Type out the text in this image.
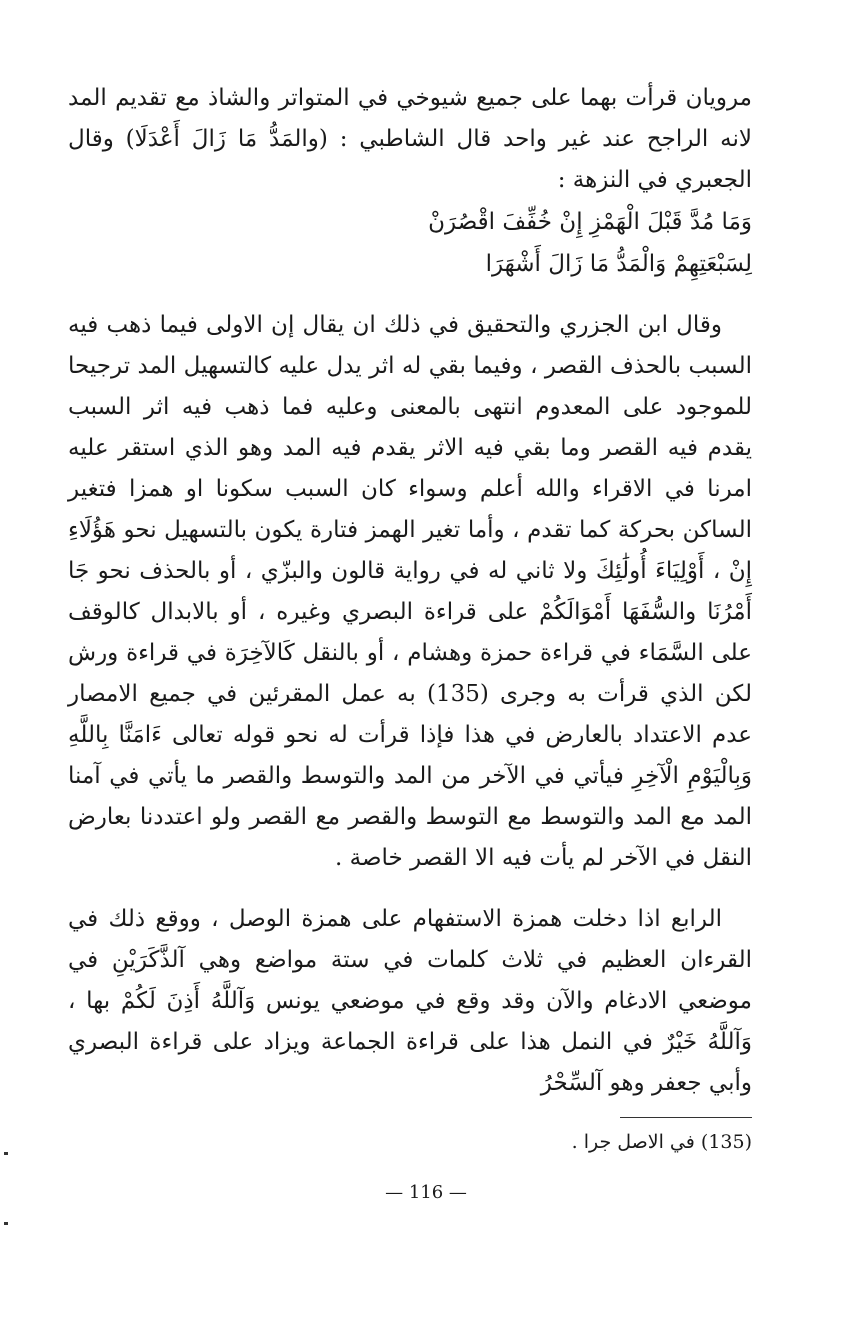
مرويان قرأت بهما على جميع شيوخي في المتواتر والشاذ مع تقديم المد لانه الراجح عند غير واحد قال الشاطبي : (والمَدُّ مَا زَالَ أَعْدَلَا) وقال الجعبري في النزهة :

وَمَا مُدَّ قَبْلَ الْهَمْزِ إِنْ خُفِّفَ اقْصُرَنْ
لِسَبْعَتِهِمْ وَالْمَدُّ مَا زَالَ أَشْهَرَا

وقال ابن الجزري والتحقيق في ذلك ان يقال إن الاولى فيما ذهب فيه السبب بالحذف القصر ، وفيما بقي له اثر يدل عليه كالتسهيل المد ترجيحا للموجود على المعدوم انتهى بالمعنى وعليه فما ذهب فيه اثر السبب يقدم فيه القصر وما بقي فيه الاثر يقدم فيه المد وهو الذي استقر عليه امرنا في الاقراء والله أعلم وسواء كان السبب سكونا او همزا فتغير الساكن بحركة كما تقدم ، وأما تغير الهمز فتارة يكون بالتسهيل نحو هَؤُلَاءِ إِنْ ، أَوْلِيَاءَ أُولَٰئِكَ ولا ثاني له في رواية قالون والبزّي ، أو بالحذف نحو جَا أَمْرُنَا والسُّفَهَا أَمْوَالَكُمْ على قراءة البصري وغيره ، أو بالابدال كالوقف على السَّمَاء في قراءة حمزة وهشام ، أو بالنقل كَالآخِرَة في قراءة ورش لكن الذي قرأت به وجرى (135) به عمل المقرئين في جميع الامصار عدم الاعتداد بالعارض في هذا فإذا قرأت له نحو قوله تعالى ءَامَنَّا بِاللَّهِ وَبِالْيَوْمِ الْآخِرِ فيأتي في الآخر من المد والتوسط والقصر ما يأتي في آمنا المد مع المد والتوسط مع التوسط والقصر مع القصر ولو اعتددنا بعارض النقل في الآخر لم يأت فيه الا القصر خاصة .

الرابع اذا دخلت همزة الاستفهام على همزة الوصل ، ووقع ذلك في القرءان العظيم في ثلاث كلمات في ستة مواضع وهي آلذَّكَرَيْنِ في موضعي الادغام والآن وقد وقع في موضعي يونس وَآللَّهُ أَذِنَ لَكُمْ بها ، وَآللَّهُ خَيْرٌ في النمل هذا على قراءة الجماعة ويزاد على قراءة البصري وأبي جعفر وهو آلسِّحْرُ

(135) في الاصل جرا .
— 116 —
